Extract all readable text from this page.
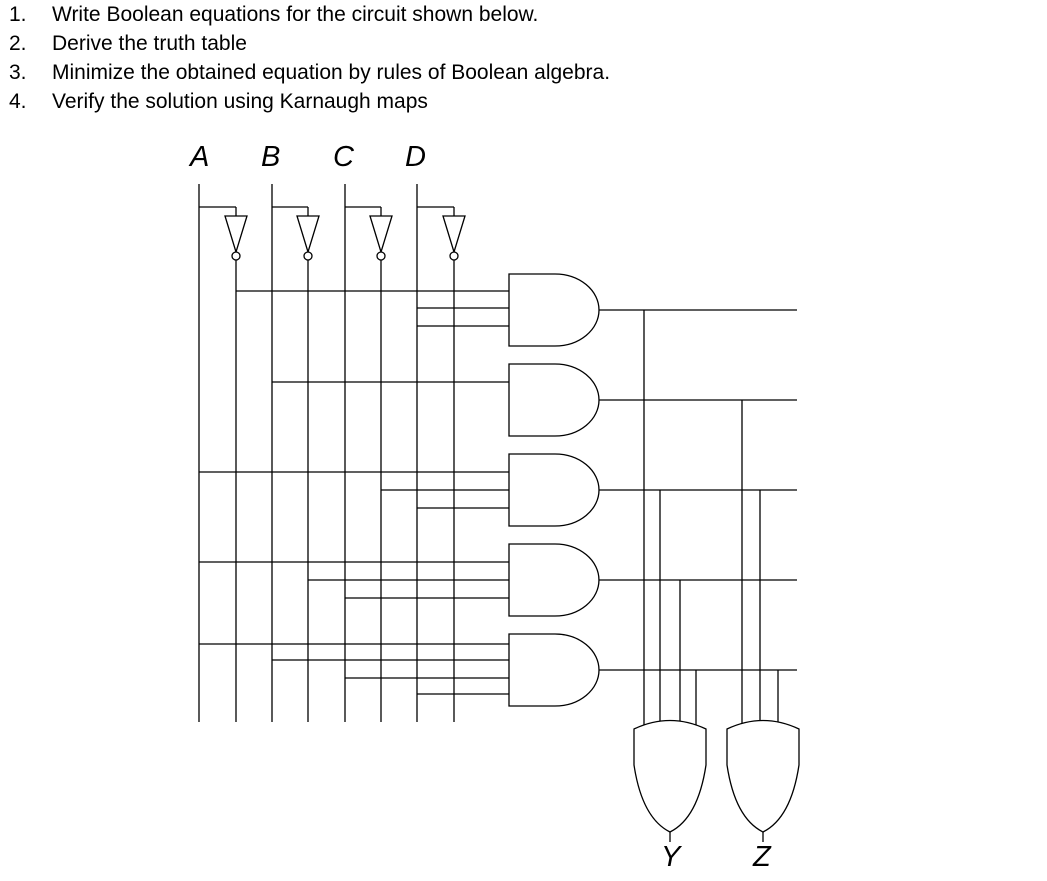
1. Write Boolean equations for the circuit shown below.
2. Derive the truth table
3. Minimize the obtained equation by rules of Boolean algebra.
4. Verify the solution using Karnaugh maps
A B C D
Y	Z
